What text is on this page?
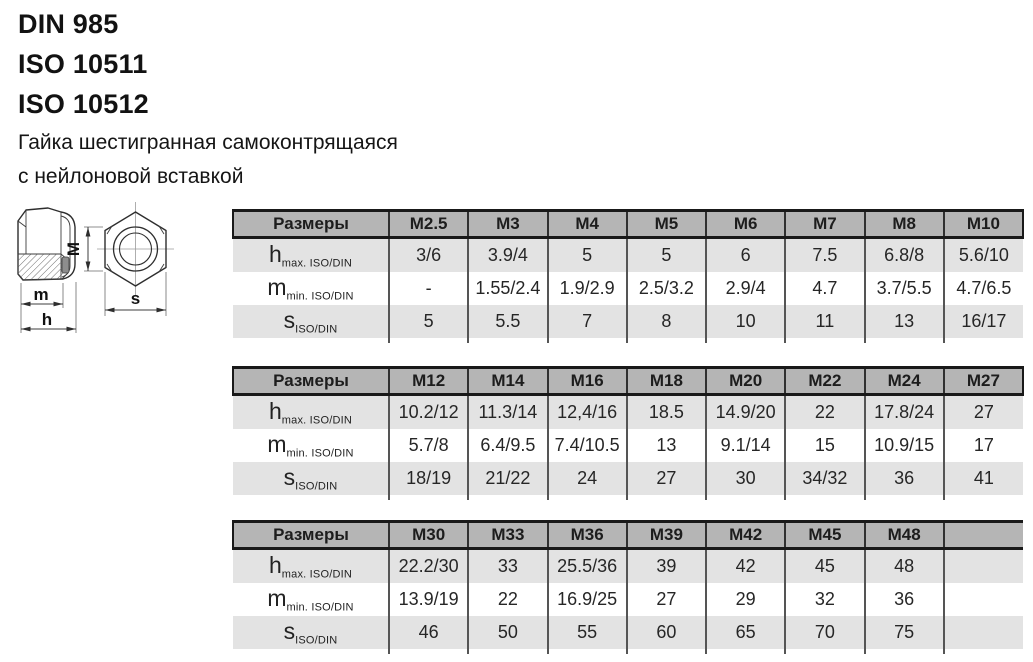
DIN 985
ISO 10511
ISO 10512
Гайка шестигранная самоконтрящаяся
с нейлоновой вставкой
m
h
M
s
Размеры	M2.5	M3	M4	M5	M6	M7	M8	M10
$h_{max. ISO/DIN}$	3/6	3.9/4	5	5	6	7.5	6.8/8	5.6/10
$m_{min. ISO/DIN}$	-	1.55/2.4	1.9/2.9	2.5/3.2	2.9/4	4.7	3.7/5.5	4.7/6.5
$s_{ISO/DIN}$	5	5.5	7	8	10	11	13	16/17

Размеры	M12	M14	M16	M18	M20	M22	M24	M27
$h_{max. ISO/DIN}$	10.2/12	11.3/14	12,4/16	18.5	14.9/20	22	17.8/24	27
$m_{min. ISO/DIN}$	5.7/8	6.4/9.5	7.4/10.5	13	9.1/14	15	10.9/15	17
$s_{ISO/DIN}$	18/19	21/22	24	27	30	34/32	36	41

Размеры	M30	M33	M36	M39	M42	M45	M48	
$h_{max. ISO/DIN}$	22.2/30	33	25.5/36	39	42	45	48	
$m_{min. ISO/DIN}$	13.9/19	22	16.9/25	27	29	32	36	
$s_{ISO/DIN}$	46	50	55	60	65	70	75	
